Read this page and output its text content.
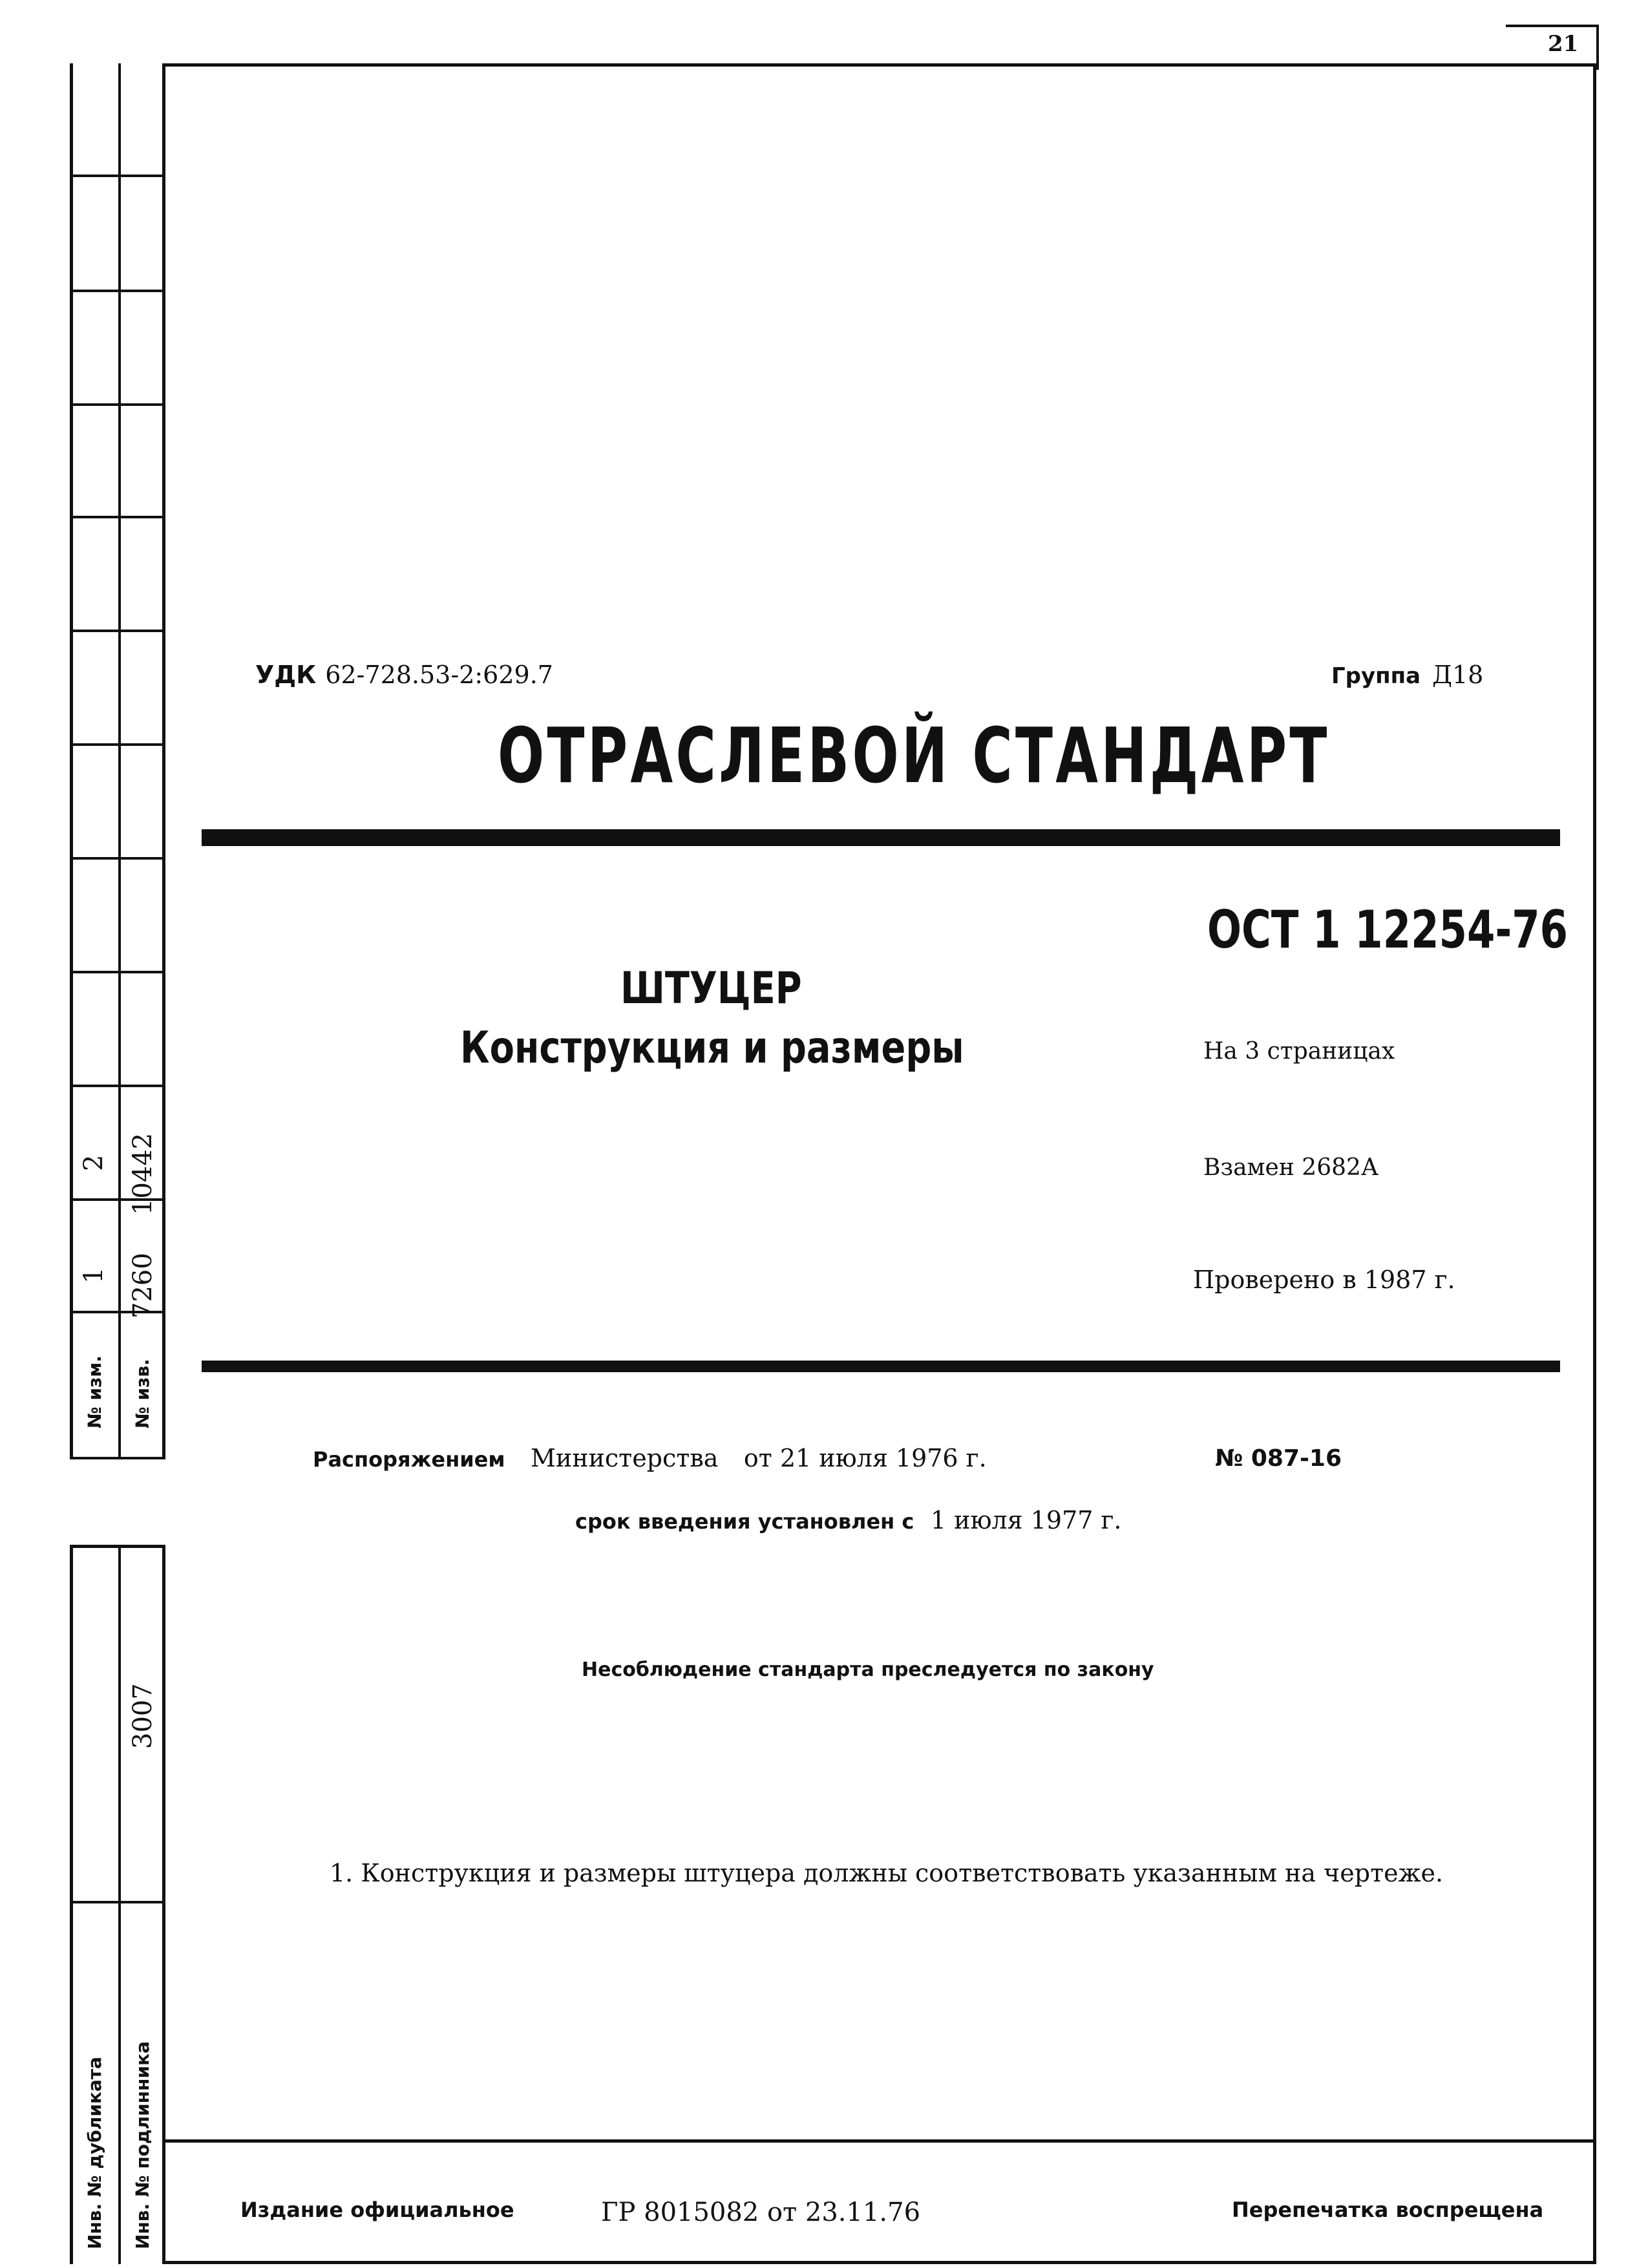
21
2 10442
1 7260
№ изм. № изв.
3007
Инв. № дубликата Инв. № подлинника
УДК 62-728.53-2:629.7	Группа Д18
ОТРАСЛЕВОЙ СТАНДАРТ
ОСТ 1 12254-76
ШТУЦЕР
Конструкция и размеры	На 3 страницах
Взамен 2682А
Проверено в 1987 г.
Распоряжением Министерства от 21 июля 1976 г.	№ 087-16
срок введения установлен с 1 июля 1977 г.
Несоблюдение стандарта преследуется по закону
1. Конструкция и размеры штуцера должны соответствовать указанным на чертеже.
Издание официальное	ГР 8015082 от 23.11.76	Перепечатка воспрещена
